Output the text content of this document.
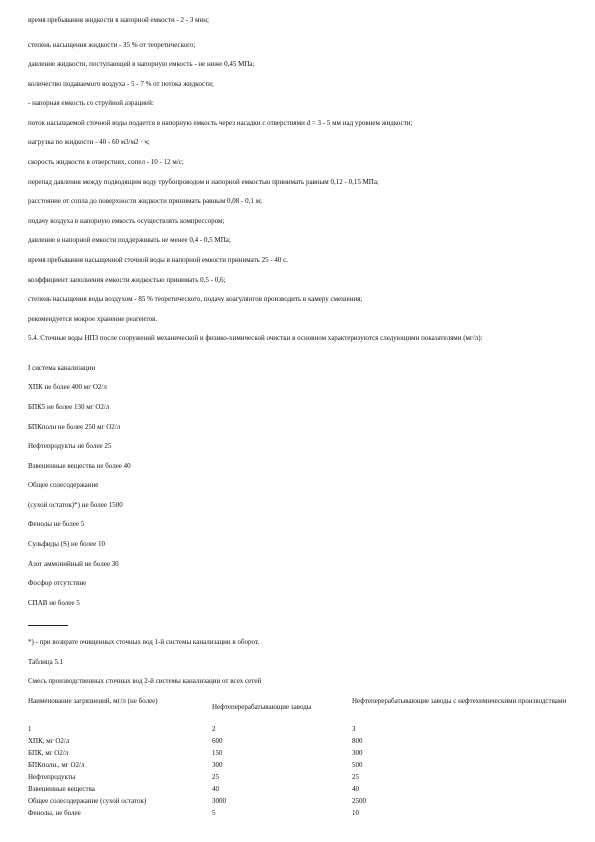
время пребывания жидкости в напорной емкости - 2 - 3 мин;
степень насыщения жидкости - 35 % от теоретического;
давление жидкости, поступающей в напорную емкость - не ниже 0,45 МПа;
количество подаваемого воздуха - 5 - 7 % от потока жидкости;
- напорная емкость со струйной аэрацией:
поток насыщаемой сточной воды подается в напорную емкость через насадки с отверстиями d = 3 - 5 мм над уровнем жидкости;
нагрузка по жидкости - 40 - 60 м3/м2 · ч;
скорость жидкости в отверстиях, сопел - 10 - 12 м/с;
перепад давления между подводящим воду трубопроводом и напорной емкостью принимать равным 0,12 - 0,15 МПа;
расстояние от сопла до поверхности жидкости принимать равным 0,08 - 0,1 м;
подачу воздуха в напорную емкость осуществлять компрессором;
давление в напорной емкости поддерживать не менее 0,4 - 0,5 МПа;
время пребывания насыщенной сточной воды в напорной емкости принимать 25 - 40 с.
коэффициент заполнения емкости жидкостью принимать 0,5 - 0,6;
степень насыщения воды воздухом - 85 % теоретического, подачу коагулянтов производить в камеру смешения;
рекомендуется мокрое хранение реагентов.
5.4. Сточные воды НПЗ после сооружений механической и физико-химической очистки в основном характеризуются следующими показателями (мг/л):
I система канализации
ХПК не более 400 мг О2/л
БПК5 не более 130 мг О2/л
БПКполн не более 250 мг О2/л
Нефтепродукты не более 25
Взвешенные вещества не более 40
Общее солесодержание
(сухой остаток)*) не более 1500
Фенолы не более 5
Сульфиды (S) не более 10
Азот аммонийный не более 30
Фосфор отсутствие
СПАВ не более 5
*) - при возврате очищенных сточных вод 1-й системы канализации в оборот.
Таблица 5.1
Смесь производственных сточных вод 2-й системы канализации от всех сетей
Наименование загрязнений, мг/л (не более)	Нефтеперерабатывающие заводы	Нефтеперерабатывающие заводы с нефтехимическими производствами
1	2	3
ХПК, мг О2/л	600	800
БПК, мг О2/л	150	300
БПКполн., мг О2/л	300	500
Нефтепродукты	25	25
Взвешенные вещества	40	40
Общее солесодержание (сухой остаток)	3000	2500
Фенолы, не более	5	10
